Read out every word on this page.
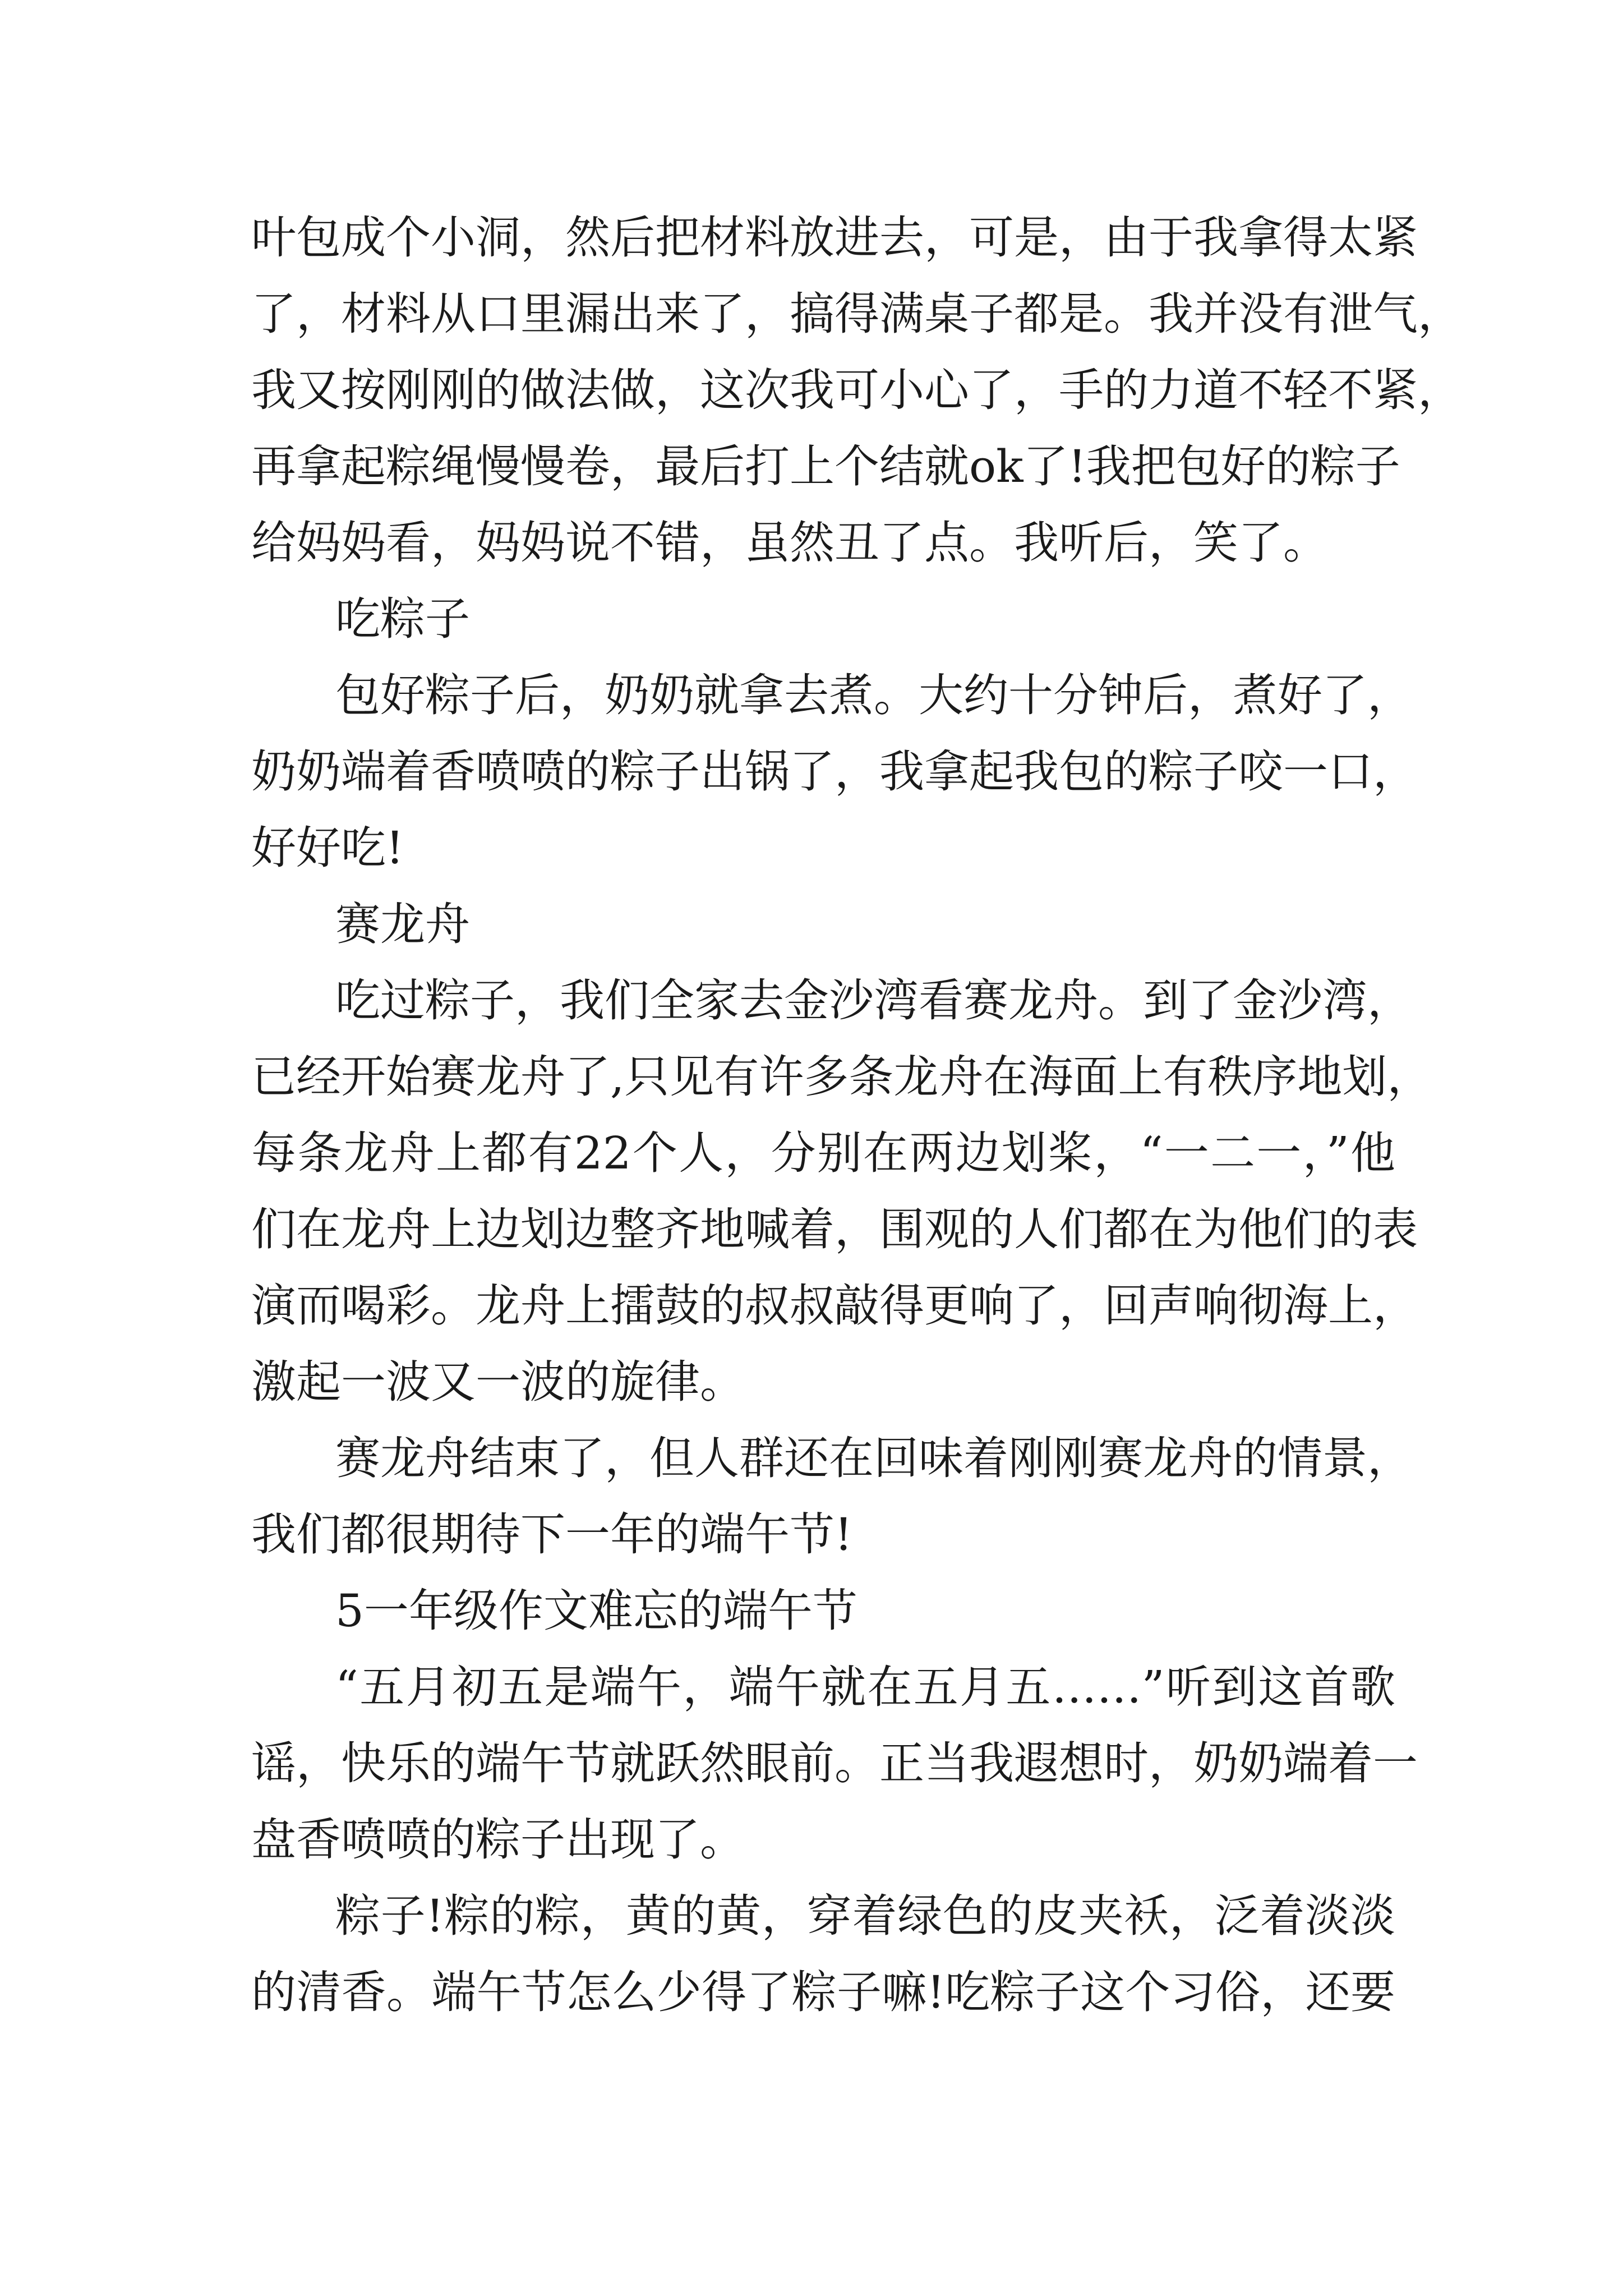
叶包成个小洞，然后把材料放进去，可是，由于我拿得太紧

了，材料从口里漏出来了，搞得满桌子都是。我并没有泄气，

我又按刚刚的做法做，这次我可小心了，手的力道不轻不紧，

再拿起粽绳慢慢卷，最后打上个结就ok了!我把包好的粽子

给妈妈看，妈妈说不错，虽然丑了点。我听后，笑了。

吃粽子

包好粽子后，奶奶就拿去煮。大约十分钟后，煮好了，

奶奶端着香喷喷的粽子出锅了，我拿起我包的粽子咬一口，

好好吃!

赛龙舟

吃过粽子，我们全家去金沙湾看赛龙舟。到了金沙湾，

已经开始赛龙舟了,只见有许多条龙舟在海面上有秩序地划，

每条龙舟上都有22个人，分别在两边划桨，“一二一，”他

们在龙舟上边划边整齐地喊着，围观的人们都在为他们的表

演而喝彩。龙舟上擂鼓的叔叔敲得更响了，回声响彻海上，

激起一波又一波的旋律。

赛龙舟结束了，但人群还在回味着刚刚赛龙舟的情景，

我们都很期待下一年的端午节!

5一年级作文难忘的端午节

“五月初五是端午，端午就在五月五……”听到这首歌

谣，快乐的端午节就跃然眼前。正当我遐想时，奶奶端着一

盘香喷喷的粽子出现了。

粽子!粽的粽，黄的黄，穿着绿色的皮夹袄，泛着淡淡

的清香。端午节怎么少得了粽子嘛!吃粽子这个习俗，还要
